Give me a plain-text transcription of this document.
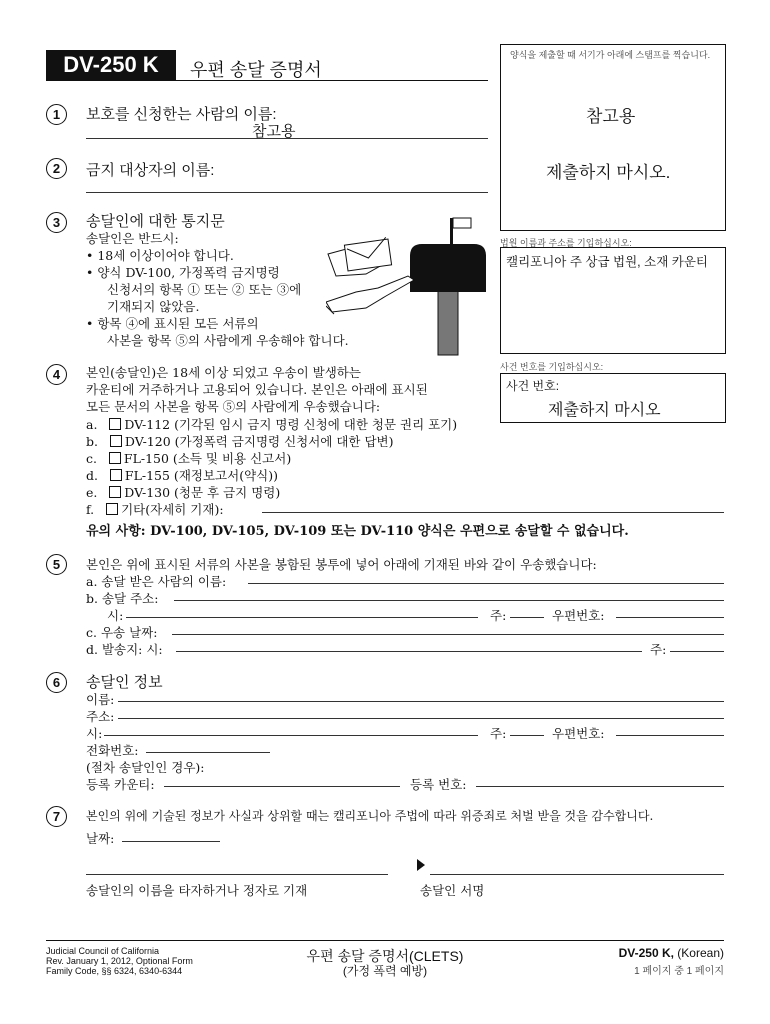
DV-250 K	우편 송달 증명서
양식을 제출할 때 서기가 아래에 스탬프를 찍습니다.
참고용
제출하지 마시오.
법원 이름과 주소를 기입하십시오:
캘리포니아 주 상급 법원, 소재 카운티
사건 번호를 기입하십시오:
사건 번호:
제출하지 마시오
1	보호를 신청한는 사람의 이름:
참고용
2	금지 대상자의 이름:
3	송달인에 대한 통지문
송달인은 반드시:
• 18세 이상이어야 합니다.
• 양식 DV-100, 가정폭력 금지명령
신청서의 항목 ① 또는 ② 또는 ③에
기재되지 않았음.
• 항목 ④에 표시된 모든 서류의
사본을 항목 ⑤의 사람에게 우송해야 합니다.
4	본인(송달인)은 18세 이상 되었고 우송이 발생하는
카운티에 거주하거나 고용되어 있습니다. 본인은 아래에 표시된
모든 문서의 사본을 항목 ⑤의 사람에게 우송했습니다:
a. DV-112 (기각된 임시 금지 명령 신청에 대한 청문 권리 포기)
b. DV-120 (가정폭력 금지명령 신청서에 대한 답변)
c. FL-150 (소득 및 비용 신고서)
d. FL-155 (재정보고서(약식))
e. DV-130 (청문 후 금지 명령)
f. 기타(자세히 기재):
유의 사항: DV-100, DV-105, DV-109 또는 DV-110 양식은 우편으로 송달할 수 없습니다.
5	본인은 위에 표시된 서류의 사본을 봉함된 봉투에 넣어 아래에 기재된 바와 같이 우송했습니다:
a. 송달 받은 사람의 이름:
b. 송달 주소:
시:	주:	우편번호:
c. 우송 날짜:
d. 발송지: 시:	주:
6	송달인 정보
이름:
주소:
시:	주:	우편번호:
전화번호:
(절차 송달인인 경우):
등록 카운티:	등록 번호:
7	본인의 위에 기술된 정보가 사실과 상위할 때는 캘리포니아 주법에 따라 위증죄로 처벌 받을 것을 감수합니다.
날짜:
송달인의 이름을 타자하거나 정자로 기재	송달인 서명
Judicial Council of California
Rev. January 1, 2012, Optional Form
Family Code, §§ 6324, 6340-6344
우편 송달 증명서(CLETS)
(가정 폭력 예방)
DV-250 K, (Korean)
1 페이지 중 1 페이지
